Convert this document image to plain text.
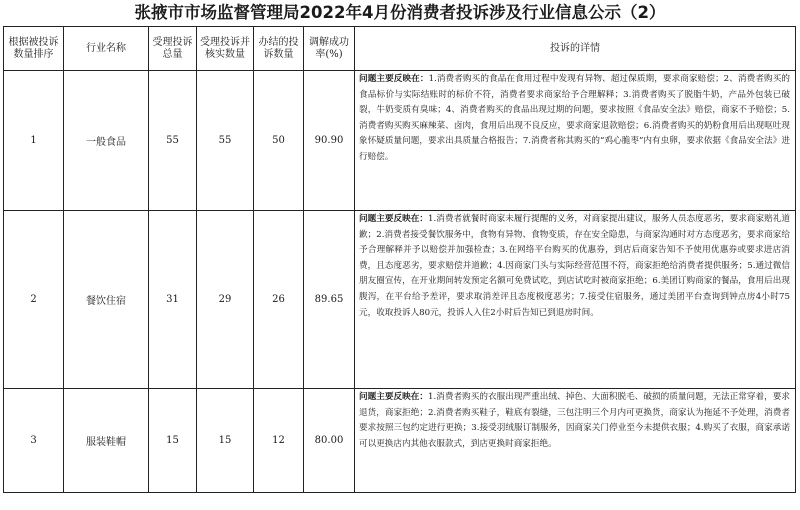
张掖市市场监督管理局2022年4月份消费者投诉涉及行业信息公示（2）
根据被投诉数量排序	行业名称	受理投诉总量	受理投诉并核实数量	办结的投诉数量	调解成功率(%)	投诉的详情
1	一般食品	55	55	50	90.90	问题主要反映在：1.消费者购买的食品在食用过程中发现有异物、超过保质期，要求商家赔偿；2、消费者购买的食品标价与实际结账时的标价不符，消费者要求商家给予合理解释；3.消费者购买了脱脂牛奶，产品外包装已破裂，牛奶变质有臭味；4、消费者购买的食品出现过期的问题，要求按照《食品安全法》赔偿，商家不予赔偿；5.消费者购买购买麻辣菜、卤肉，食用后出现不良反应，要求商家退款赔偿；6.消费者购买的奶粉食用后出现呕吐现象怀疑质量问题，要求出具质量合格报告；7.消费者称其购买的“鸡心脆枣”内有虫卵，要求依据《食品安全法》进行赔偿。
2	餐饮住宿	31	29	26	89.65	问题主要反映在：1.消费者就餐时商家未履行提醒的义务，对商家提出建议，服务人员态度恶劣，要求商家赔礼道歉；2.消费者接受餐饮服务中，食物有异物、食物变质，存在安全隐患，与商家沟通时对方态度恶劣，要求商家给予合理解释并予以赔偿并加强检查；3.在网络平台购买的优惠券，到店后商家告知不予使用优惠券或要求进店消费，且态度恶劣，要求赔偿并道歉；4.因商家门头与实际经营范围不符，商家拒绝给消费者提供服务；5.通过微信朋友圈宣传，在开业期间转发预定名额可免费试吃，到店试吃时被商家拒绝；6.美团订购商家的餐品，食用后出现腹泻，在平台给予差评，要求取消差评且态度极度恶劣；7.接受住宿服务，通过美团平台查询到钟点房4小时75元，收取投诉人80元，投诉人入住2小时后告知已到退房时间。
3	服装鞋帽	15	15	12	80.00	问题主要反映在：1.消费者购买的衣服出现严重出绒、掉色、大面积脱毛、破损的质量问题，无法正常穿着，要求退货，商家拒绝；2.消费者购买鞋子，鞋底有裂缝，三包注明三个月内可更换货，商家认为拖延不予处理，消费者要求按照三包约定进行更换；3.接受羽绒服订制服务，因商家关门停业至今未提供衣服；4.购买了衣服，商家承诺可以更换店内其他衣服款式，到店更换时商家拒绝。
